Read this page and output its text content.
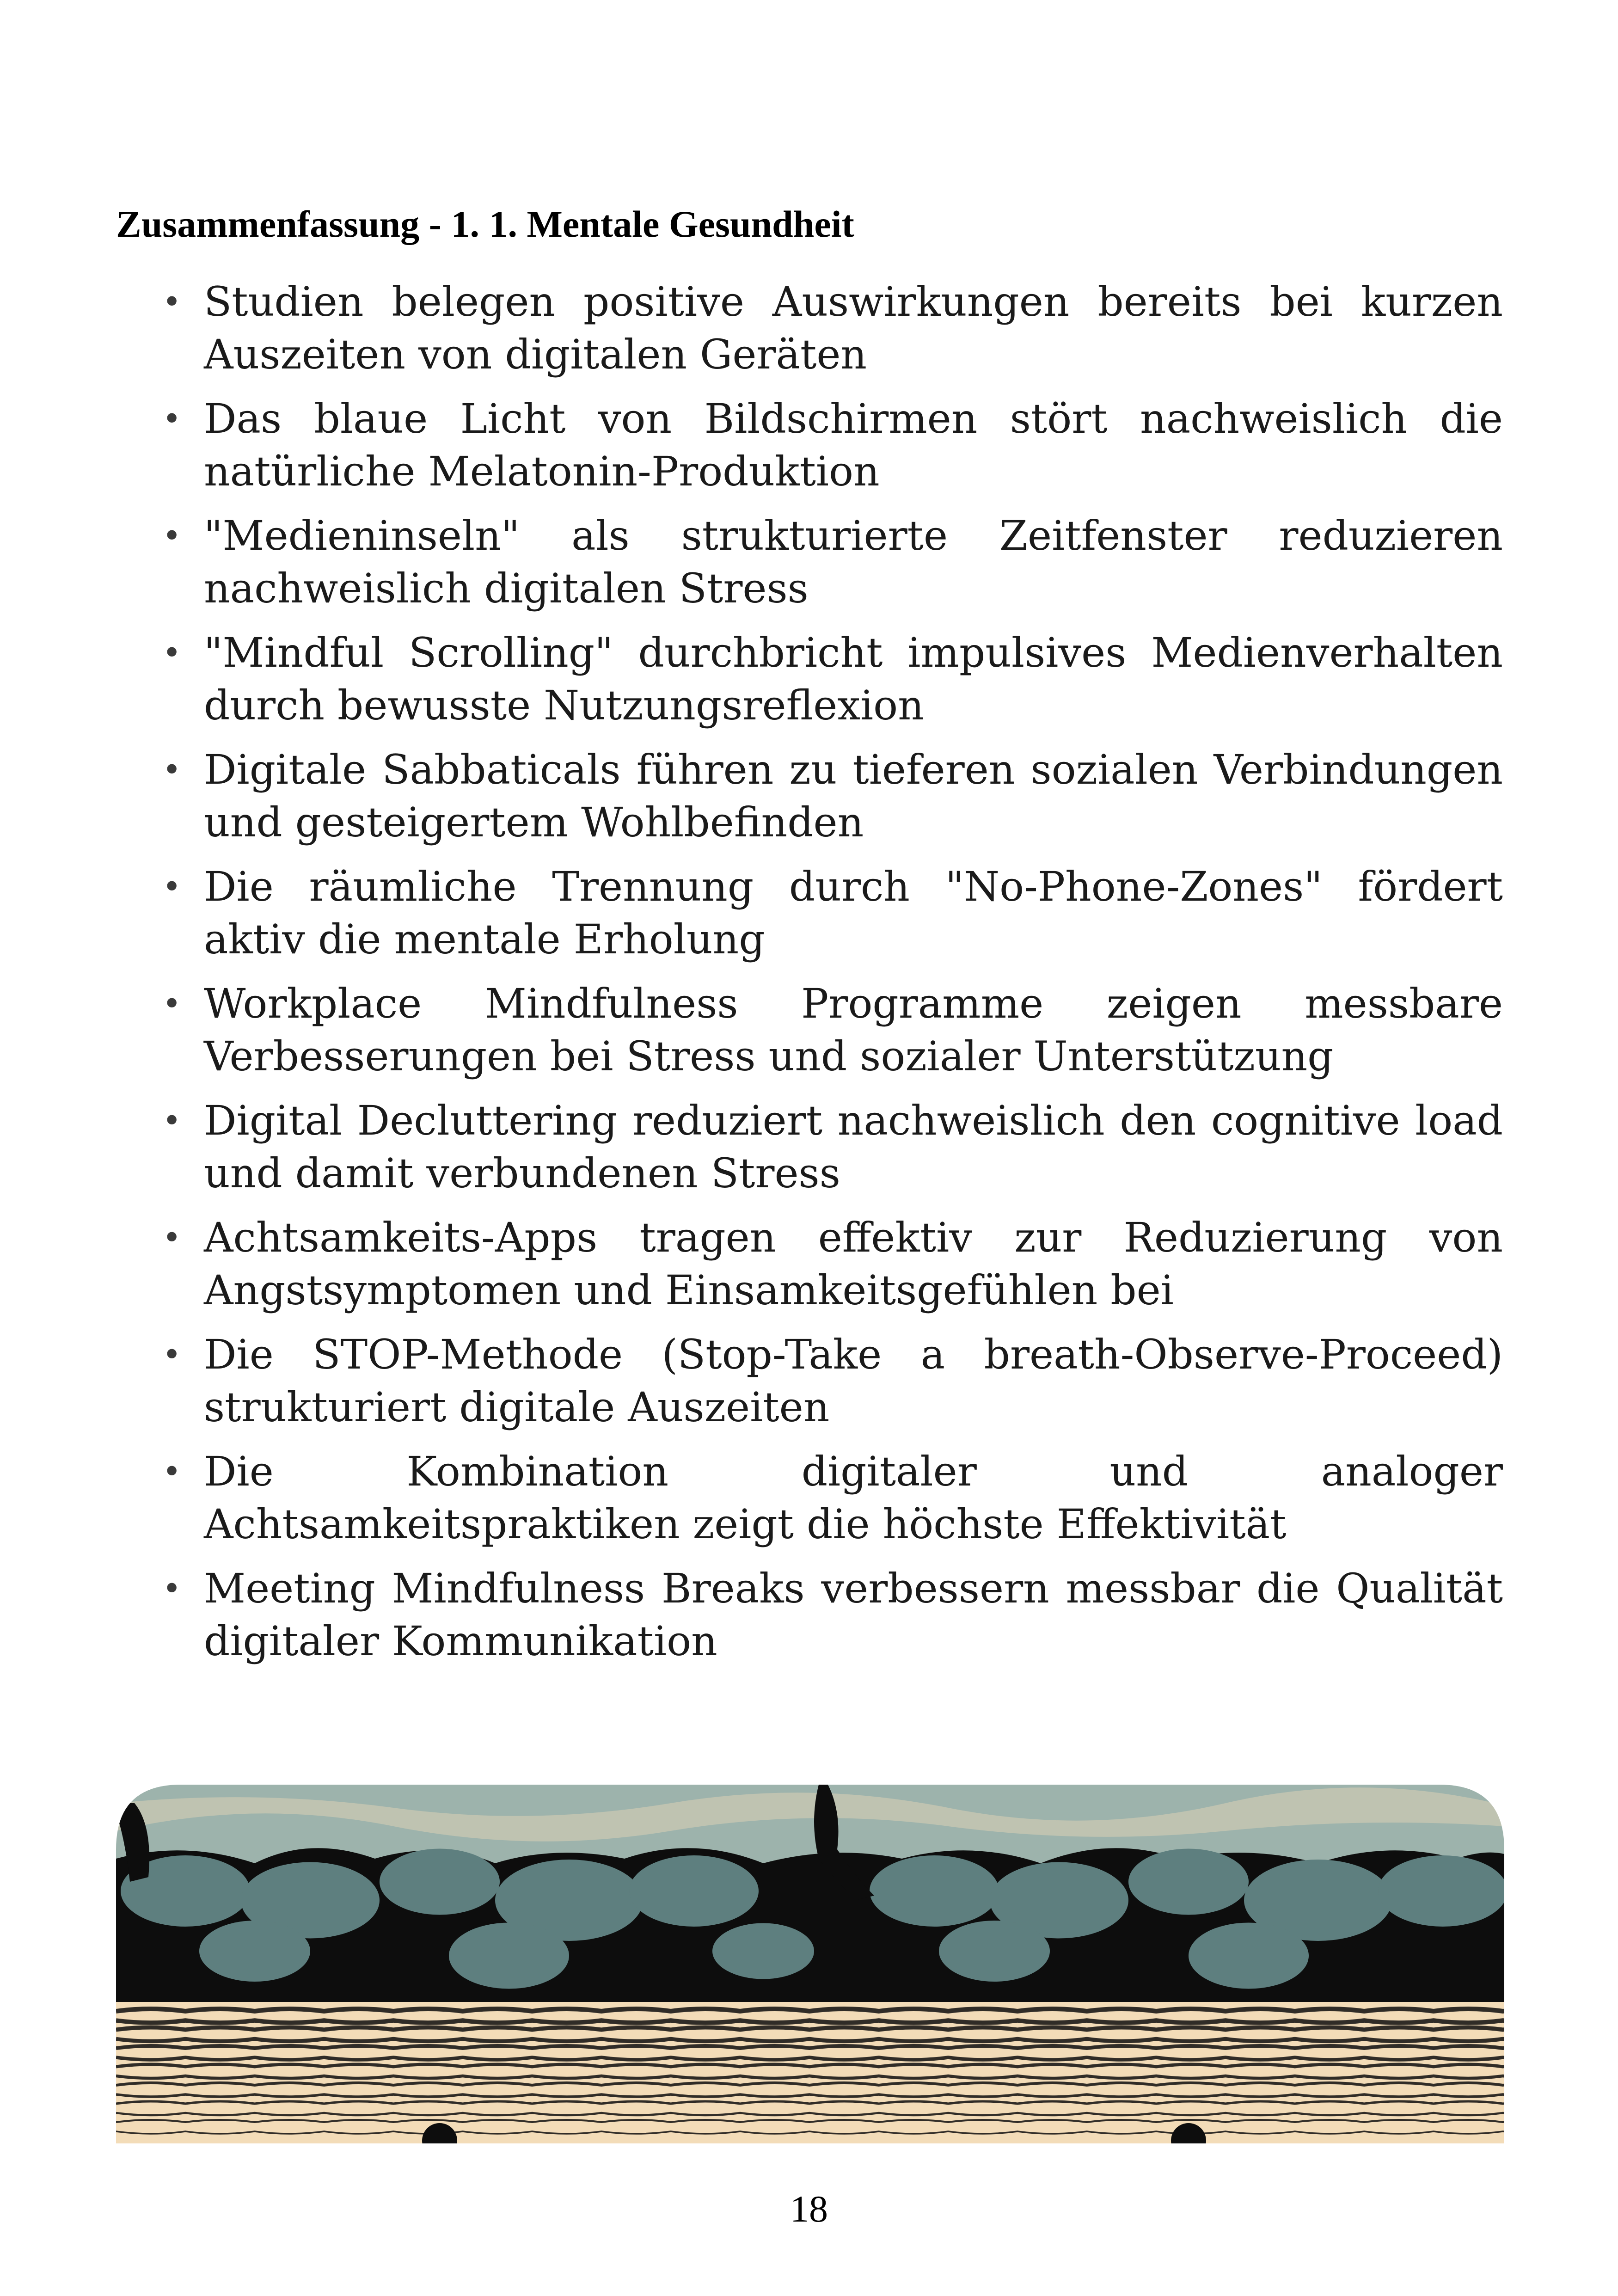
Zusammenfassung - 1. 1. Mentale Gesundheit
• Studien belegen positive Auswirkungen bereits bei kurzen Auszeiten von digitalen Geräten
• Das blaue Licht von Bildschirmen stört nachweislich die natürliche Melatonin-Produktion
• "Medieninseln" als strukturierte Zeitfenster reduzieren nachweislich digitalen Stress
• "Mindful Scrolling" durchbricht impulsives Medienverhalten durch bewusste Nutzungsreflexion
• Digitale Sabbaticals führen zu tieferen sozialen Verbindungen und gesteigertem Wohlbefinden
• Die räumliche Trennung durch "No-Phone-Zones" fördert aktiv die mentale Erholung
• Workplace Mindfulness Programme zeigen messbare Verbesserungen bei Stress und sozialer Unterstützung
• Digital Decluttering reduziert nachweislich den cognitive load und damit verbundenen Stress
• Achtsamkeits-Apps tragen effektiv zur Reduzierung von Angstsymptomen und Einsamkeitsgefühlen bei
• Die STOP-Methode (Stop-Take a breath-Observe-Proceed) strukturiert digitale Auszeiten
• Die Kombination digitaler und analoger Achtsamkeitspraktiken zeigt die höchste Effektivität
• Meeting Mindfulness Breaks verbessern messbar die Qualität digitaler Kommunikation
18
